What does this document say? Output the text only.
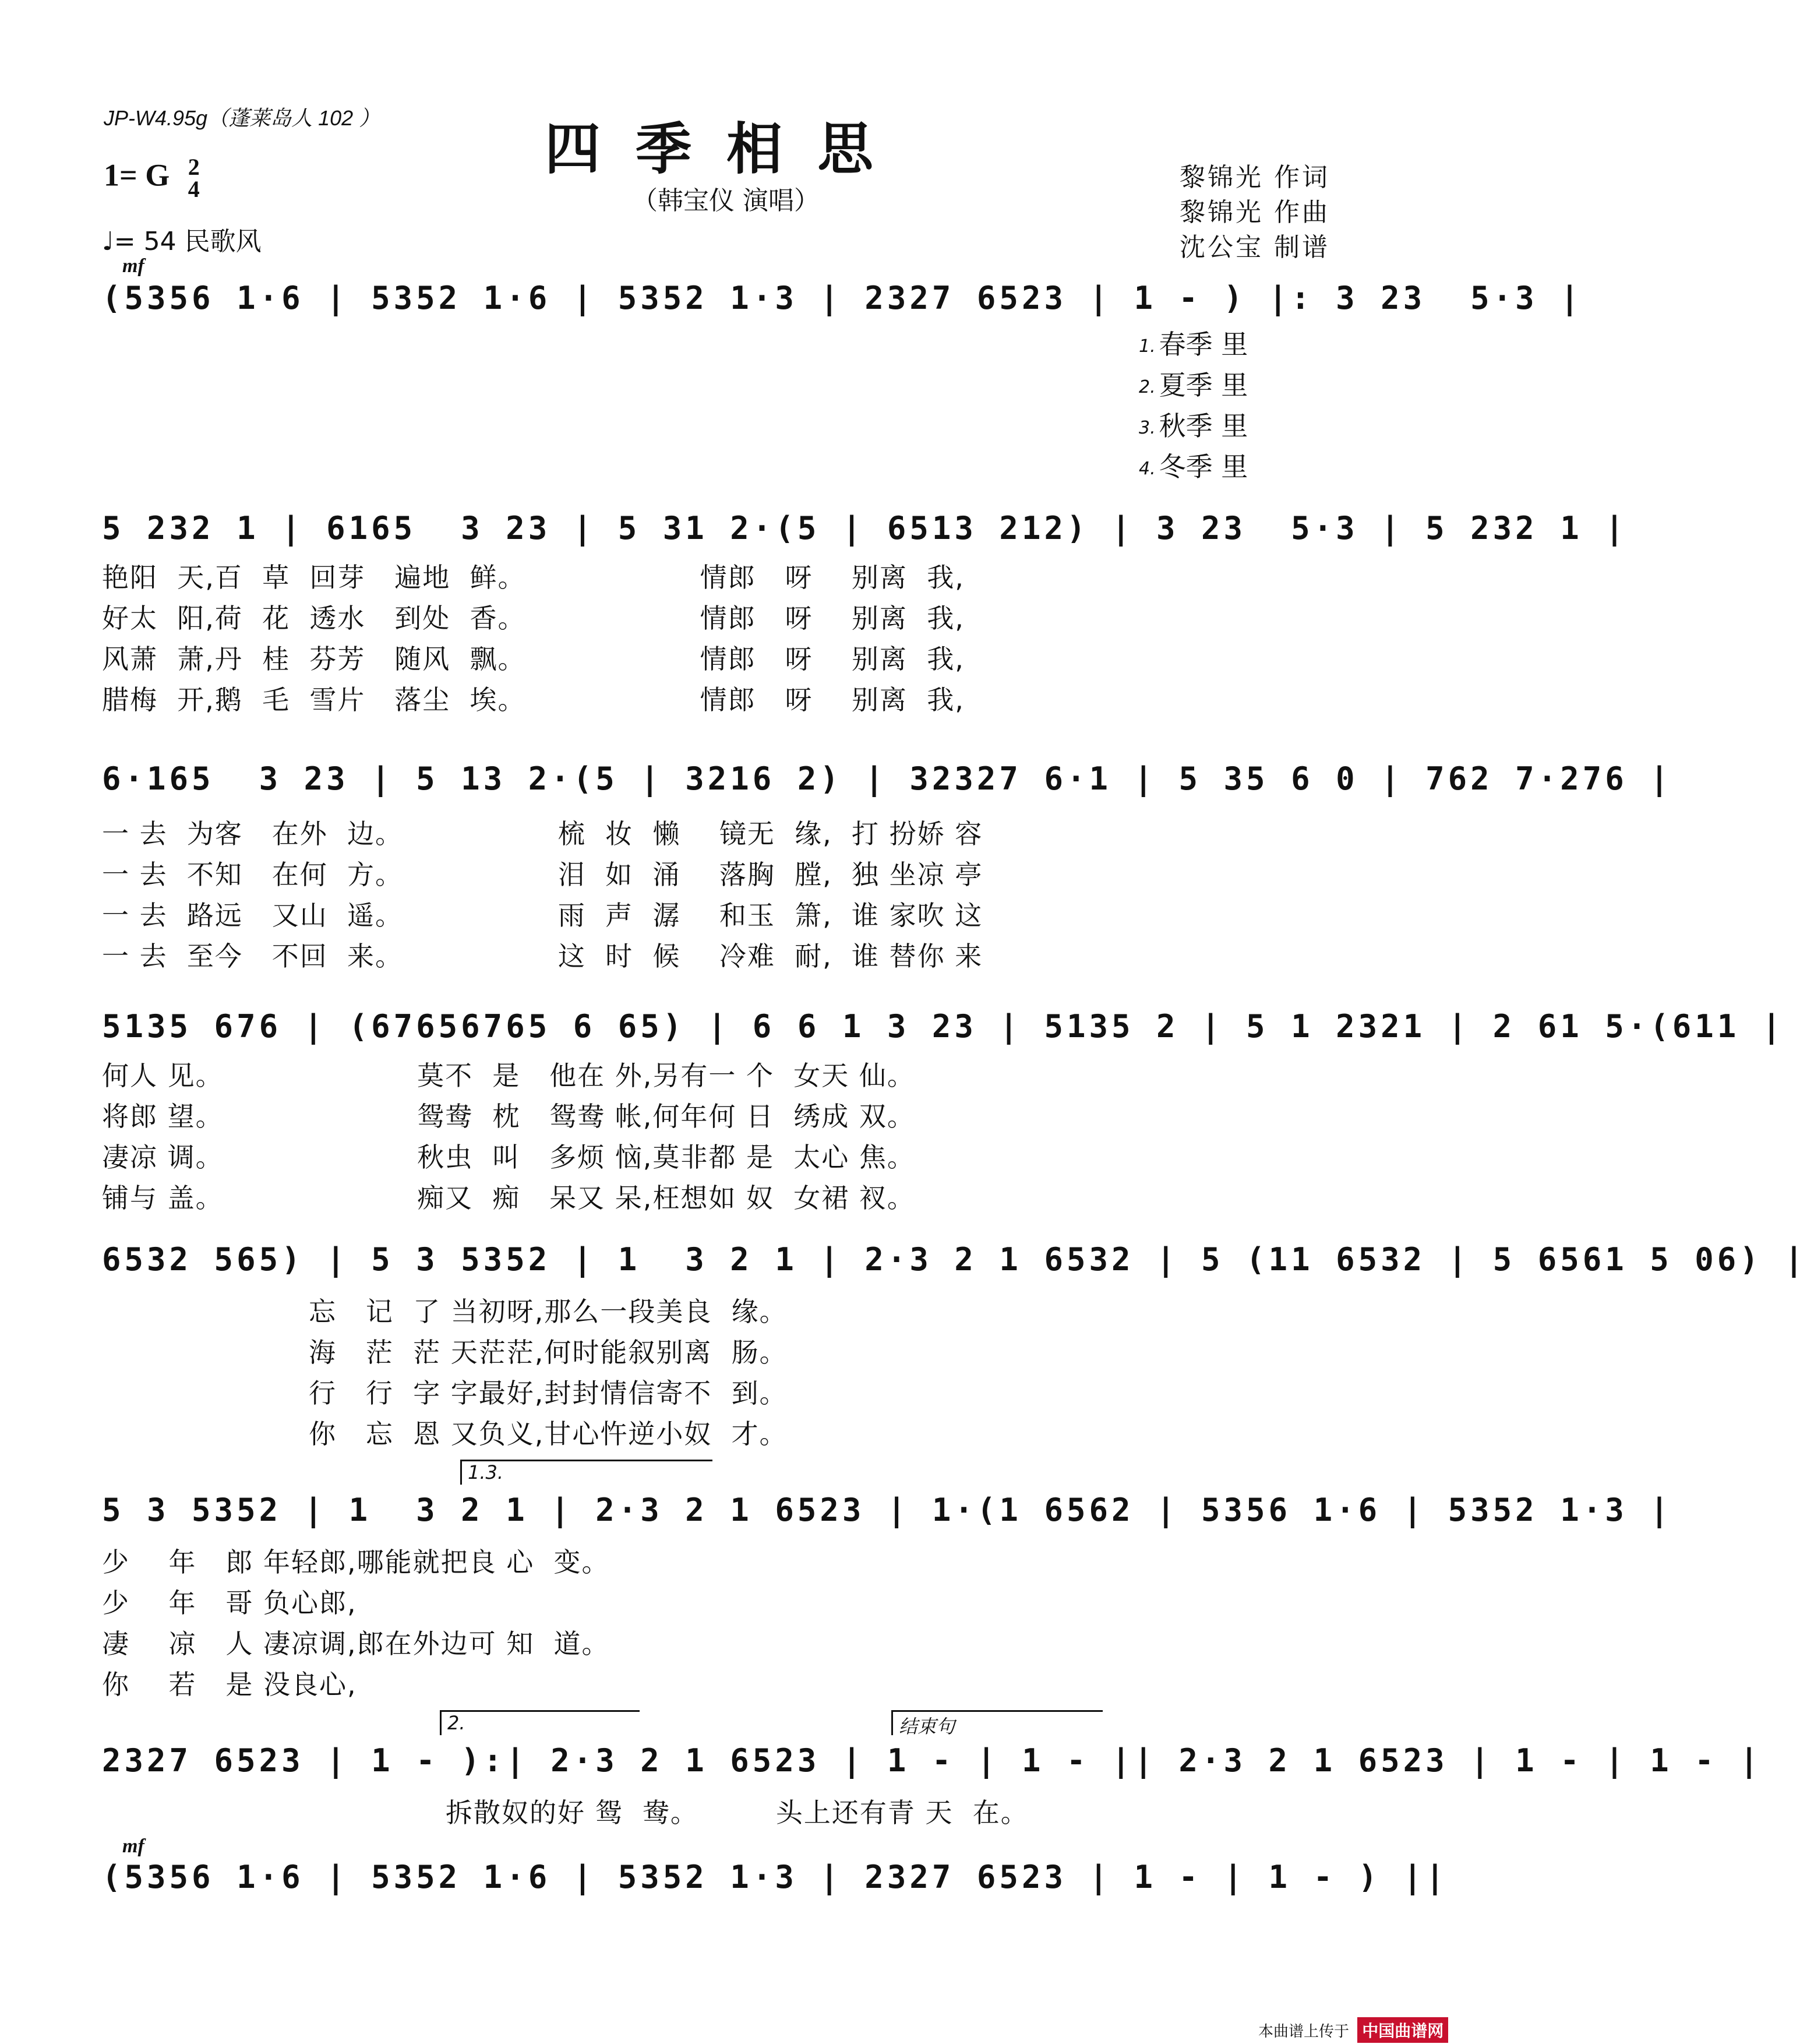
JP-W4.95g（蓬莱岛人 102 ）	四季相思
（韩宝仪 演唱）
1= G 2
4
♩= 54 民歌风
黎锦光 作词
黎锦光 作曲
沈公宝 制谱
mf
(5356 1·6 | 5352 1·6 | 5352 1·3 | 2327 6523 | 1 - ) |: 3 23  5·3 |
1. 春季 里
2. 夏季 里
3. 秋季 里
4. 冬季 里
5 232 1 | 6165  3 23 | 5 31 2·(5 | 6513 212) | 3 23  5·3 | 5 232 1 |
艳阳  天,百  草  回芽   遍地  鲜。                  情郎   呀    别离  我,
好太  阳,荷  花  透水   到处  香。                  情郎   呀    别离  我,
风萧  萧,丹  桂  芬芳   随风  飘。                  情郎   呀    别离  我,
腊梅  开,鹅  毛  雪片   落尘  埃。                  情郎   呀    别离  我,
6·165  3 23 | 5 13 2·(5 | 3216 2) | 32327 6·1 | 5 35 6 0 | 762 7·276 |
一 去  为客   在外  边。                梳  妆  懒    镜无  缘,  打 扮娇 容
一 去  不知   在何  方。                泪  如  涌    落胸  膛,  独 坐凉 亭
一 去  路远   又山  遥。                雨  声  潺    和玉  箫,  谁 家吹 这
一 去  至今   不回  来。                这  时  候    冷难  耐,  谁 替你 来
5135 676 | (67656765 6 65) | 6 6 1 3 23 | 5135 2 | 5 1 2321 | 2 61 5·(611 |
何人 见。                    莫不  是   他在 外,另有一 个  女天 仙。
将郎 望。                    鸳鸯  枕   鸳鸯 帐,何年何 日  绣成 双。
凄凉 调。                    秋虫  叫   多烦 恼,莫非都 是  太心 焦。
铺与 盖。                    痴又  痴   呆又 呆,枉想如 奴  女裙 衩。
6532 565) | 5 3 5352 | 1  3 2 1 | 2·3 2 1 6532 | 5 (11 6532 | 5 6561 5 06) |
忘   记  了 当初呀,那么一段美良  缘。
海   茫  茫 天茫茫,何时能叙别离  肠。
行   行  字 字最好,封封情信寄不  到。
你   忘  恩 又负义,甘心忤逆小奴  才。
1.3.
5 3 5352 | 1  3 2 1 | 2·3 2 1 6523 | 1·(1 6562 | 5356 1·6 | 5352 1·3 |
少    年   郎 年轻郎,哪能就把良 心  变。
少    年   哥 负心郎,
凄    凉   人 凄凉调,郎在外边可 知  道。
你    若   是 没良心,
2.	结束句
2327 6523 | 1 - ):| 2·3 2 1 6523 | 1 - | 1 - || 2·3 2 1 6523 | 1 - | 1 - |
拆散奴的好 鸳  鸯。        头上还有青 天  在。
mf
(5356 1·6 | 5352 1·6 | 5352 1·3 | 2327 6523 | 1 - | 1 - ) ||
本曲谱上传于 中国曲谱网
